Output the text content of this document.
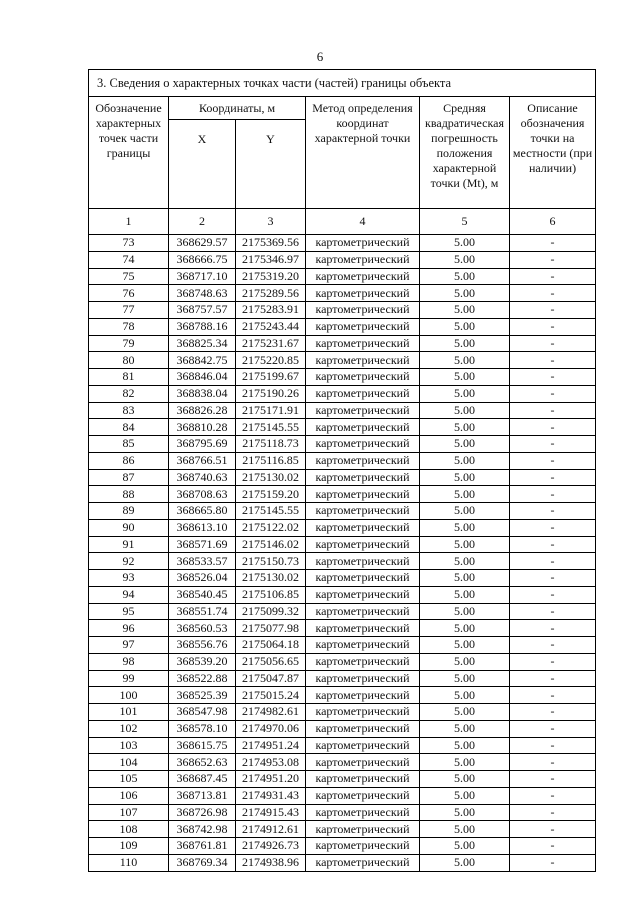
6
3. Сведения о характерных точках части (частей) границы объекта					
Обозначение характерных точек части границы	Координаты, м		Метод определения координат характерной точки	Средняя квадратическая погрешность положения характерной точки (Mt), м	Описание обозначения точки на местности (при наличии)
	X	Y			
1	2	3	4	5	6
73	368629.57	2175369.56	картометрический	5.00	-
74	368666.75	2175346.97	картометрический	5.00	-
75	368717.10	2175319.20	картометрический	5.00	-
76	368748.63	2175289.56	картометрический	5.00	-
77	368757.57	2175283.91	картометрический	5.00	-
78	368788.16	2175243.44	картометрический	5.00	-
79	368825.34	2175231.67	картометрический	5.00	-
80	368842.75	2175220.85	картометрический	5.00	-
81	368846.04	2175199.67	картометрический	5.00	-
82	368838.04	2175190.26	картометрический	5.00	-
83	368826.28	2175171.91	картометрический	5.00	-
84	368810.28	2175145.55	картометрический	5.00	-
85	368795.69	2175118.73	картометрический	5.00	-
86	368766.51	2175116.85	картометрический	5.00	-
87	368740.63	2175130.02	картометрический	5.00	-
88	368708.63	2175159.20	картометрический	5.00	-
89	368665.80	2175145.55	картометрический	5.00	-
90	368613.10	2175122.02	картометрический	5.00	-
91	368571.69	2175146.02	картометрический	5.00	-
92	368533.57	2175150.73	картометрический	5.00	-
93	368526.04	2175130.02	картометрический	5.00	-
94	368540.45	2175106.85	картометрический	5.00	-
95	368551.74	2175099.32	картометрический	5.00	-
96	368560.53	2175077.98	картометрический	5.00	-
97	368556.76	2175064.18	картометрический	5.00	-
98	368539.20	2175056.65	картометрический	5.00	-
99	368522.88	2175047.87	картометрический	5.00	-
100	368525.39	2175015.24	картометрический	5.00	-
101	368547.98	2174982.61	картометрический	5.00	-
102	368578.10	2174970.06	картометрический	5.00	-
103	368615.75	2174951.24	картометрический	5.00	-
104	368652.63	2174953.08	картометрический	5.00	-
105	368687.45	2174951.20	картометрический	5.00	-
106	368713.81	2174931.43	картометрический	5.00	-
107	368726.98	2174915.43	картометрический	5.00	-
108	368742.98	2174912.61	картометрический	5.00	-
109	368761.81	2174926.73	картометрический	5.00	-
110	368769.34	2174938.96	картометрический	5.00	-
